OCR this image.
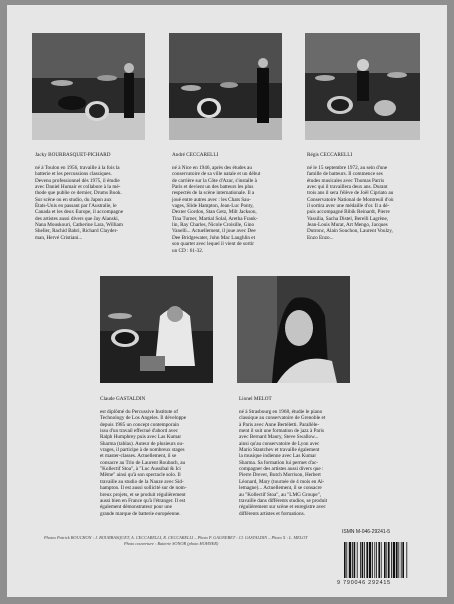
Jacky BOURBASQUET-PICHARD

né à Toulon en 1956, travaille à la fois la
batterie et les percussions classiques.
Devenu professionnel dès 1975, il étudie
avec Daniel Humair et collabore à la mé-
thode que publie ce dernier, Drums Book.
Sur scène ou en studio, du Japon aux
États-Unis en passant par l'Australie, le
Canada et les deux Europe, il accompagne
des artistes aussi divers que Jay Alanski,
Nana Mouskouri, Catherine Lara, William
Sheller, Rachid Bahri, Richard Clayder-
man, Hervé Cristiani...

André CECCARELLI

né à Nice en 1946, après des études au
conservatoire de sa ville natale et un début
de carrière sur la Côte d'Azur, s'installe à
Paris et devient un des batteurs les plus
respectés de la scène internationale. Il a
joué entre autres avec : les Chats Sau-
vages, Slide Hampton, Jean-Luc Ponty,
Dexter Gordon, Stan Getz, Milt Jackson,
Tina Turner, Martial Solal, Aretha Frank-
lin, Ray Charles, Nicole Croisille, Gino
Vanelli... Actuellement, il joue avec Dee
Dee Bridgewater, John Mac Laughlin et
son quartet avec lequel il vient de sortir
un CD : 61-32.

Régis CECCARELLI

né le 15 septembre 1972, au sein d'une
famille de batteurs. Il commence ses
études musicales avec Thomas Parris
avec qui il travaillera deux ans. Durant
trois ans il sera l'élève de Joël Cipriato au
Conservatoire National de Montreuil d'où
il sortira avec une médaille d'or. Il a dé-
puis accompagné Bibik Reinardt, Pierre
Vassilia, Sacha Distel, Berelli Lagrène,
Jean-Louis Murat, Art Mengo, Jacques
Dutronc, Alain Souchon, Laurent Voulzy,
Enzo Enzo...

Claude GASTALDIN

est diplômé du Percussive Institute of
Technology de Los Angeles. Il développe
depuis 1985 un concept contemporain
issu d'un travail effectué d'abord avec
Ralph Humphrey puis avec Las Kumar
Sharma (tablas). Auteur de plusieurs ou-
vrages, il participe à de nombreux stages
et master-classes. Actuellement, il se
consacre au Trio de Laurent Roubach, au
"Kollectif Stoa", à "Luc Aussibal & Ici
Même" ainsi qu'à son spectacle solo. Il
travaille au studio de la Nauze avec Sid-
hampton. Il est aussi sollicité sur de nom-
breux projets, et se produit régulièrement
aussi bien en France qu'à l'étranger. Il est
également démonstrateur pour une
grande marque de batterie européenne.

Lionel MELOT

né à Strasbourg en 1968, étudie le piano
classique au conservatoire de Grenoble et
à Paris avec Anne Bertéletti. Parallèle-
ment il suit une formation de jazz à Paris
avec Bernard Maury, Steve Swallow...
ainsi qu'au conservatoire de Lyon avec
Mario Stantchev et travaille également
la musique indienne avec Las Kumar
Sharma. Sa formation lui permet d'ac-
compagner des artistes aussi divers que :
Pierre Drevet, Butch Morrison, Herbert
Léonard, Mary (tournée de 4 mois en Al-
lemagne)... Actuellement, il se consacre
au "Kollectif Stoa", au "LMG Groupe",
travaille dans différents studios, se produit
régulièrement sur scène et enregistre avec
différents artistes et formations.

Photos Patrick BOUCHON : J. BOURBASQUET, A. CECCARELLI, R. CECCARELLI – Photo P. GAGNEBET : Cl. GASTALDIN – Photo X : L. MELOT
Photo couverture : Batterie SONOR (photo HOHNER)
ISMN M-046-29241-5
9 790046 292415
